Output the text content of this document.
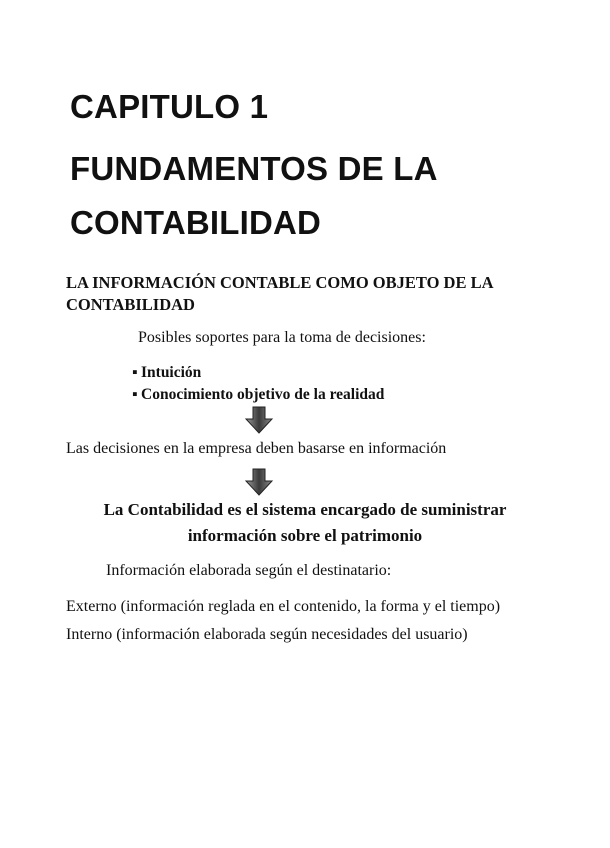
CAPITULO 1
FUNDAMENTOS DE LA
CONTABILIDAD
LA INFORMACIÓN CONTABLE COMO OBJETO DE LA CONTABILIDAD

Posibles soportes para la toma de decisiones:

▪ Intuición
▪ Conocimiento objetivo de la realidad

Las decisiones en la empresa deben basarse en información

La Contabilidad es el sistema encargado de suministrar

información sobre el patrimonio

Información elaborada según el destinatario:

Externo (información reglada en el contenido, la forma y el tiempo)

Interno (información elaborada según necesidades del usuario)
